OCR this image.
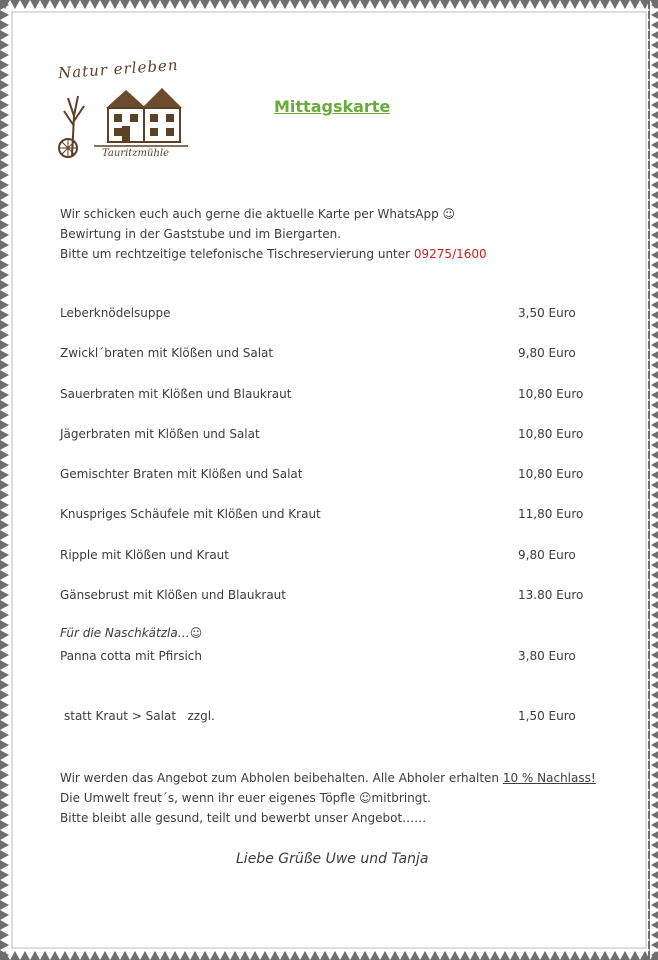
Natur erleben
Tauritzmühle
Mittagskarte
Wir schicken euch auch gerne die aktuelle Karte per WhatsApp ☺
Bewirtung in der Gaststube und im Biergarten.
Bitte um rechtzeitige telefonische Tischreservierung unter 09275/1600
Leberknödelsuppe	3,50 Euro
Zwickl´braten mit Klößen und Salat	9,80 Euro
Sauerbraten mit Klößen und Blaukraut	10,80 Euro
Jägerbraten mit Klößen und Salat	10,80 Euro
Gemischter Braten mit Klößen und Salat	10,80 Euro
Knuspriges Schäufele mit Klößen und Kraut	11,80 Euro
Ripple mit Klößen und Kraut	9,80 Euro
Gänsebrust mit Klößen und Blaukraut	13.80 Euro
Für die Naschkätzla…☺
Panna cotta mit Pfirsich	3,80 Euro
statt Kraut > Salat   zzgl.	1,50 Euro
Wir werden das Angebot zum Abholen beibehalten. Alle Abholer erhalten 10 % Nachlass!
Die Umwelt freut´s, wenn ihr euer eigenes Töpfle ☺mitbringt.
Bitte bleibt alle gesund, teilt und bewerbt unser Angebot……
Liebe Grüße Uwe und Tanja
